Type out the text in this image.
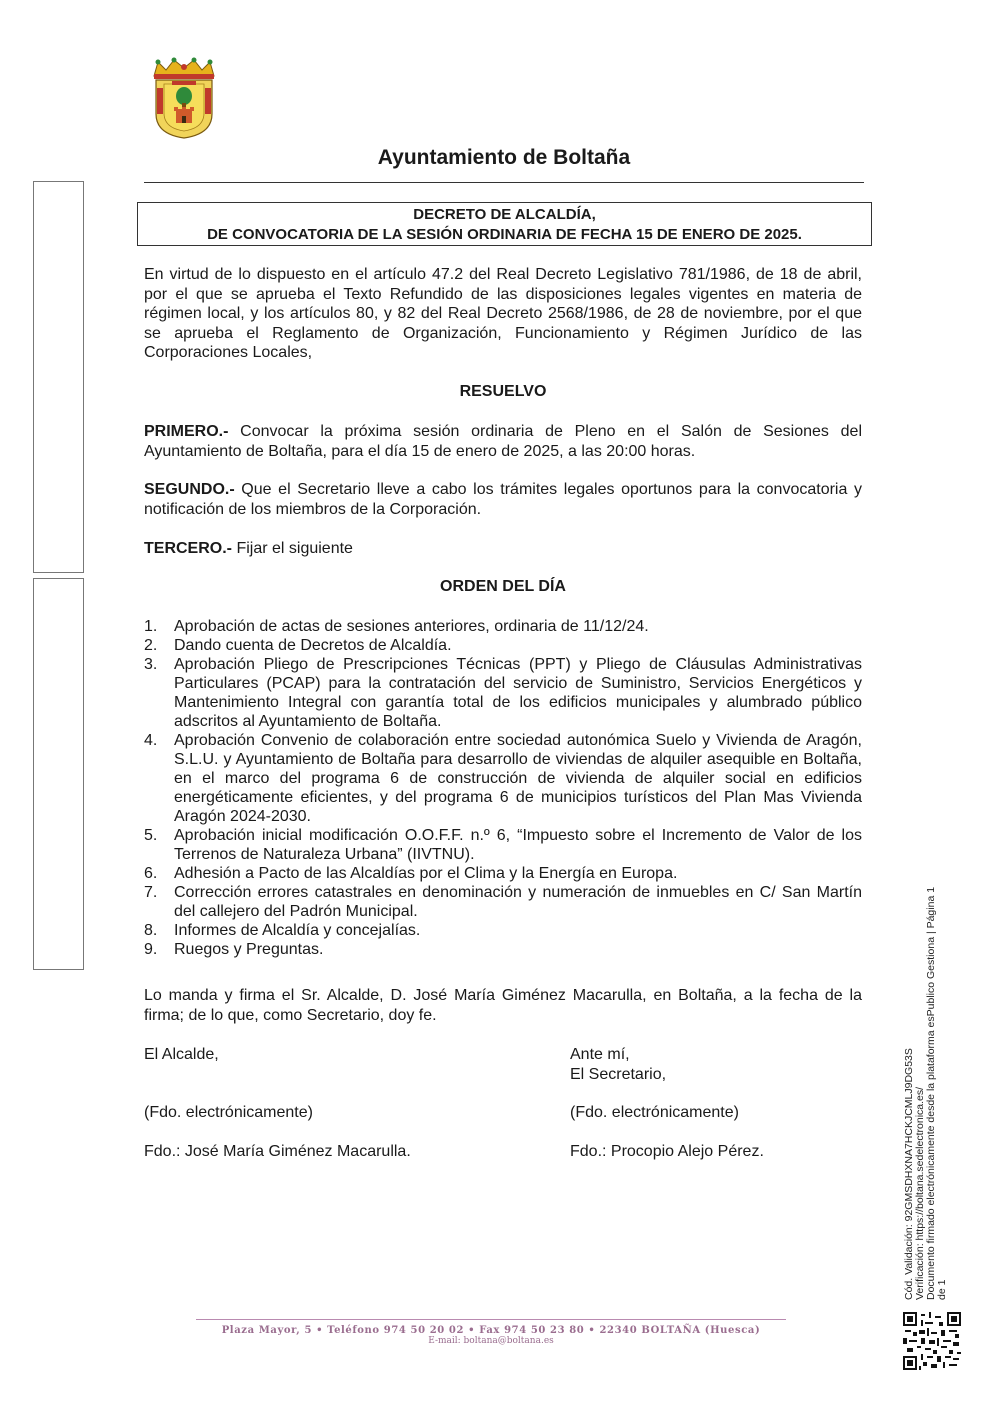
Ayuntamiento de Boltaña
DECRETO DE ALCALDÍA,
DE CONVOCATORIA DE LA SESIÓN ORDINARIA DE FECHA 15 DE ENERO DE 2025.
En virtud de lo dispuesto en el artículo 47.2 del Real Decreto Legislativo 781/1986, de 18 de abril, por el que se aprueba el Texto Refundido de las disposiciones legales vigentes en materia de régimen local, y los artículos 80, y 82 del Real Decreto 2568/1986, de 28 de noviembre, por el que se aprueba el Reglamento de Organización, Funcionamiento y Régimen Jurídico de las Corporaciones Locales,
RESUELVO
PRIMERO.- Convocar la próxima sesión ordinaria de Pleno en el Salón de Sesiones del Ayuntamiento de Boltaña, para el día 15 de enero de 2025, a las 20:00 horas.
SEGUNDO.- Que el Secretario lleve a cabo los trámites legales oportunos para la convocatoria y notificación de los miembros de la Corporación.
TERCERO.- Fijar el siguiente
ORDEN DEL DÍA
1.	Aprobación de actas de sesiones anteriores, ordinaria de 11/12/24.
2.	Dando cuenta de Decretos de Alcaldía.
3.	Aprobación Pliego de Prescripciones Técnicas (PPT) y Pliego de Cláusulas Administrativas Particulares (PCAP) para la contratación del servicio de Suministro, Servicios Energéticos y Mantenimiento Integral con garantía total de los edificios municipales y alumbrado público adscritos al Ayuntamiento de Boltaña.
4.	Aprobación Convenio de colaboración entre sociedad autonómica Suelo y Vivienda de Aragón, S.L.U. y Ayuntamiento de Boltaña para desarrollo de viviendas de alquiler asequible en Boltaña, en el marco del programa 6 de construcción de vivienda de alquiler social en edificios energéticamente eficientes, y del programa 6 de municipios turísticos del Plan Mas Vivienda Aragón 2024-2030.
5.	Aprobación inicial modificación O.O.F.F. n.º 6, “Impuesto sobre el Incremento de Valor de los Terrenos de Naturaleza Urbana” (IIVTNU).
6.	Adhesión a Pacto de las Alcaldías por el Clima y la Energía en Europa.
7.	Corrección errores catastrales en denominación y numeración de inmuebles en C/ San Martín del callejero del Padrón Municipal.
8.	Informes de Alcaldía y concejalías.
9.	Ruegos y Preguntas.
Lo manda y firma el Sr. Alcalde, D. José María Giménez Macarulla, en Boltaña, a la fecha de la firma; de lo que, como Secretario, doy fe.
El Alcalde,	Ante mí,
El Secretario,
(Fdo. electrónicamente)	(Fdo. electrónicamente)
Fdo.: José María Giménez Macarulla.	Fdo.: Procopio Alejo Pérez.
Plaza Mayor, 5 • Teléfono 974 50 20 02 • Fax 974 50 23 80 • 22340 BOLTAÑA (Huesca)
E-mail: boltana@boltana.es
Cód. Validación: 92GMSDHXNA7HCKJCMLJ9DG53S Verificación: https://boltana.sedelectronica.es/ Documento firmado electrónicamente desde la plataforma esPublico Gestiona | Página 1 de 1
